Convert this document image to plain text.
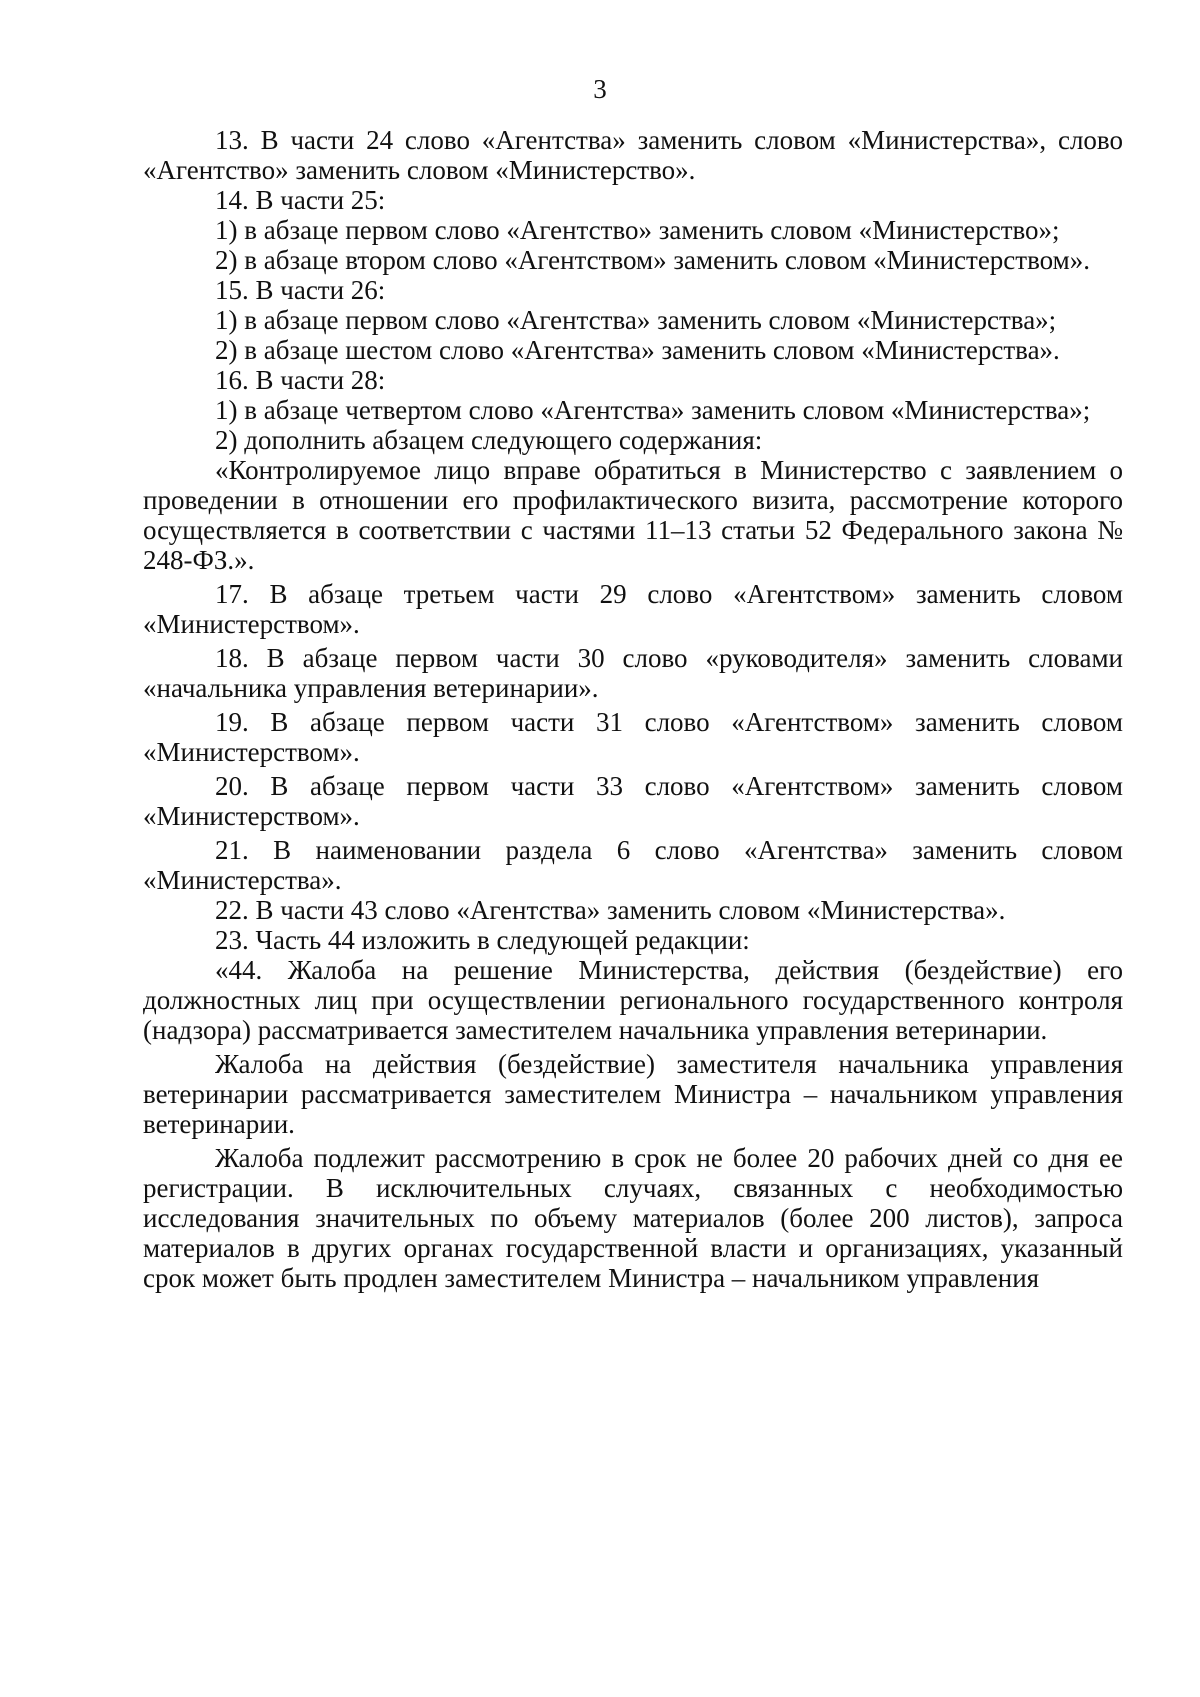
3

13. В части 24 слово «Агентства» заменить словом «Министерства», слово «Агентство» заменить словом «Министерство».

14. В части 25:

1) в абзаце первом слово «Агентство» заменить словом «Министерство»;

2) в абзаце втором слово «Агентством» заменить словом «Министерством».

15. В части 26:

1) в абзаце первом слово «Агентства» заменить словом «Министерства»;

2) в абзаце шестом слово «Агентства» заменить словом «Министерства».

16. В части 28:

1) в абзаце четвертом слово «Агентства» заменить словом «Министерства»;

2) дополнить абзацем следующего содержания:

«Контролируемое лицо вправе обратиться в Министерство с заявлением о проведении в отношении его профилактического визита, рассмотрение которого осуществляется в соответствии с частями 11–13 статьи 52 Федерального закона № 248-ФЗ.».

17. В абзаце третьем части 29 слово «Агентством» заменить словом «Министерством».

18. В абзаце первом части 30 слово «руководителя» заменить словами «начальника управления ветеринарии».

19. В абзаце первом части 31 слово «Агентством» заменить словом «Министерством».

20. В абзаце первом части 33 слово «Агентством» заменить словом «Министерством».

21. В наименовании раздела 6 слово «Агентства» заменить словом «Министерства».

22. В части 43 слово «Агентства» заменить словом «Министерства».

23. Часть 44 изложить в следующей редакции:

«44. Жалоба на решение Министерства, действия (бездействие) его должностных лиц при осуществлении регионального государственного контроля (надзора) рассматривается заместителем начальника управления ветеринарии.

Жалоба на действия (бездействие) заместителя начальника управления ветеринарии рассматривается заместителем Министра – начальником управления ветеринарии.

Жалоба подлежит рассмотрению в срок не более 20 рабочих дней со дня ее регистрации. В исключительных случаях, связанных с необходимостью исследования значительных по объему материалов (более 200 листов), запроса материалов в других органах государственной власти и организациях, указанный срок может быть продлен заместителем Министра – начальником управления
